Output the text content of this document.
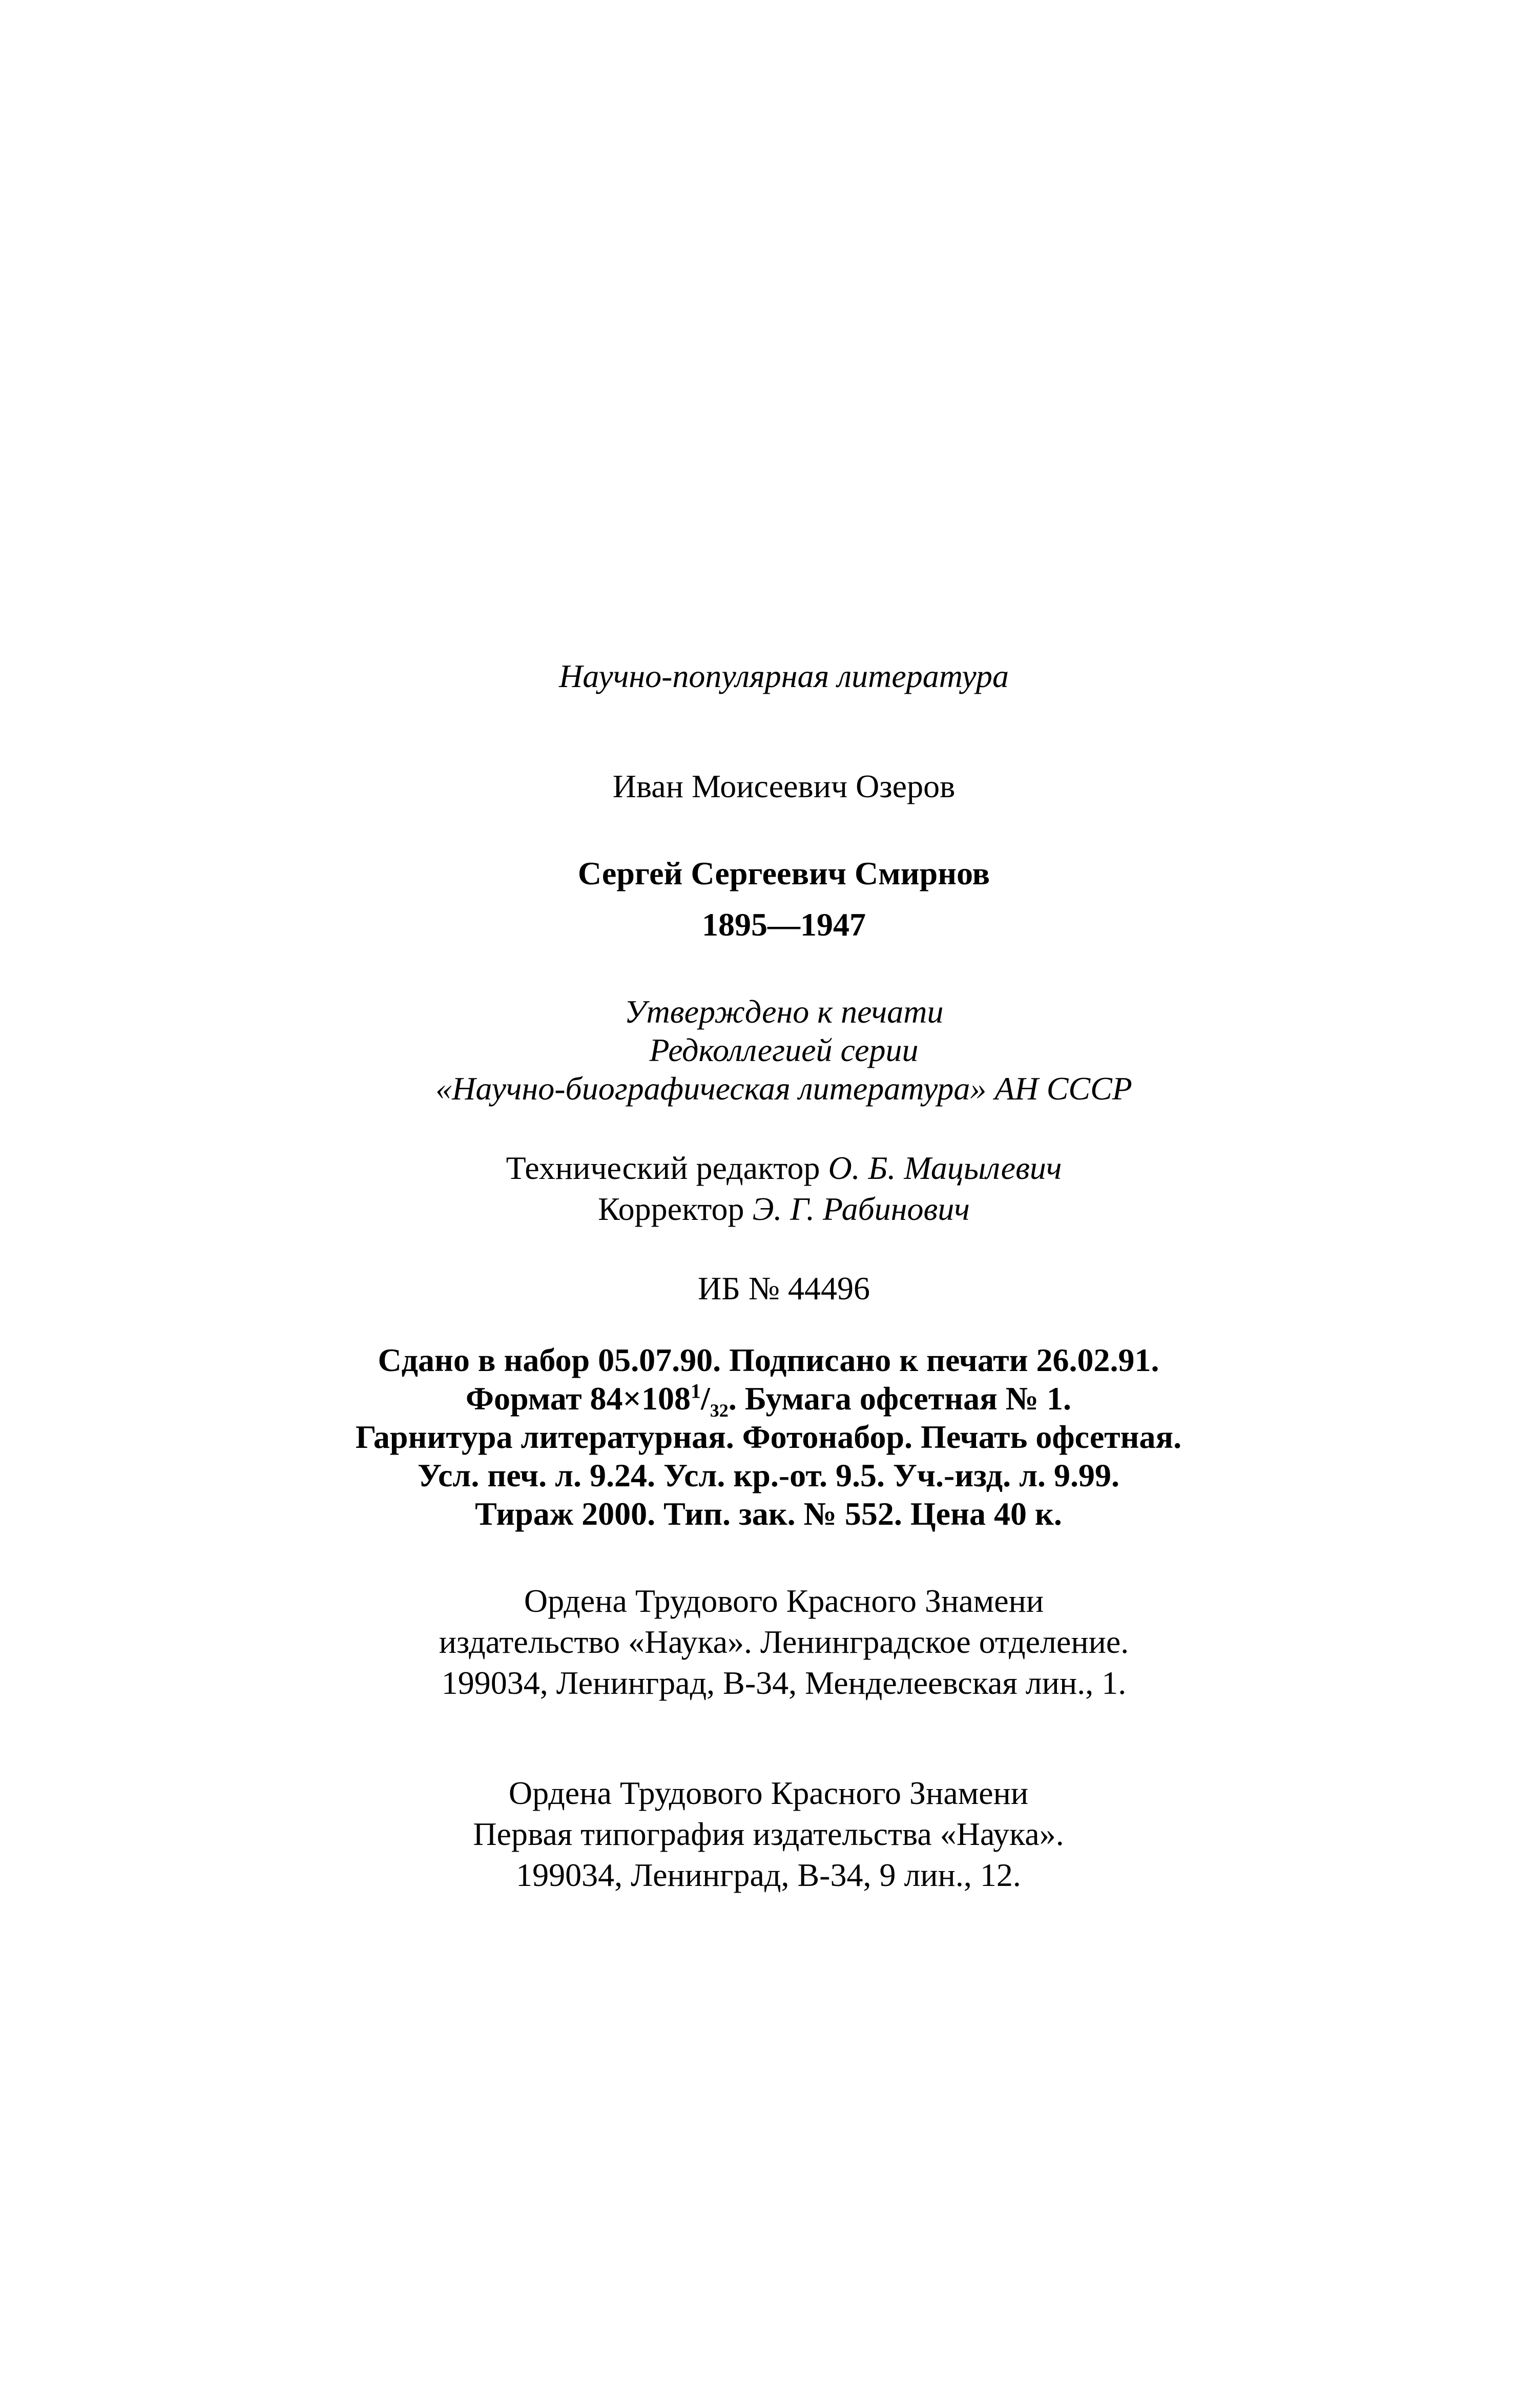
Научно-популярная литература
Иван Моисеевич Озеров
Сергей Сергеевич Смирнов
1895—1947
Утверждено к печати
Редколлегией серии
«Научно-биографическая литература» АН СССР
Технический редактор О. Б. Мацылевич
Корректор Э. Г. Рабинович
ИБ № 44496
Сдано в набор 05.07.90. Подписано к печати 26.02.91.
Формат $84\times 108^1/_{32}$. Бумага офсетная № 1.
Гарнитура литературная. Фотонабор. Печать офсетная.
Усл. печ. л. 9.24. Усл. кр.-от. 9.5. Уч.-изд. л. 9.99.
Тираж 2000. Тип. зак. № 552. Цена 40 к.
Ордена Трудового Красного Знамени
издательство «Наука». Ленинградское отделение.
199034, Ленинград, В-34, Менделеевская лин., 1.
Ордена Трудового Красного Знамени
Первая типография издательства «Наука».
199034, Ленинград, В-34, 9 лин., 12.
